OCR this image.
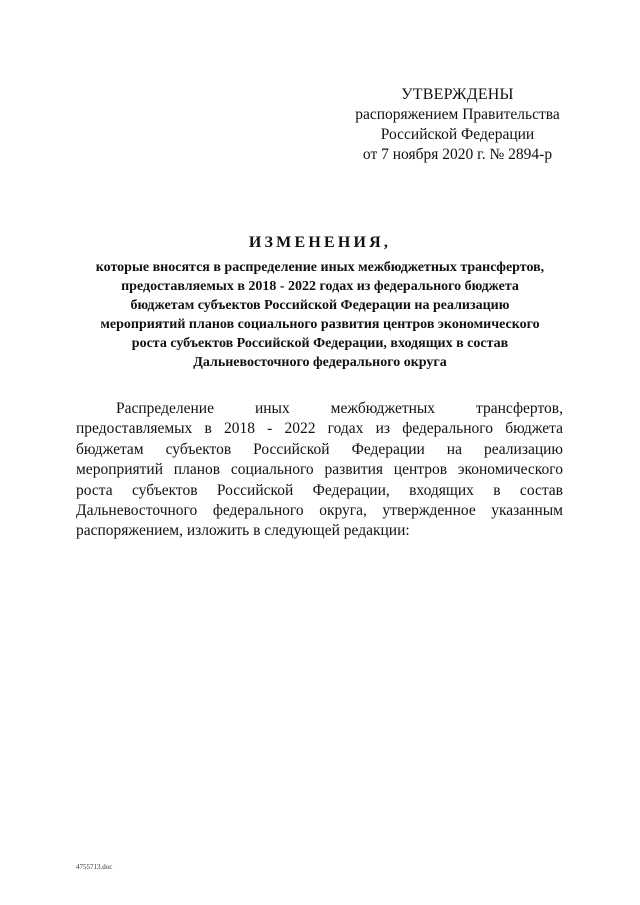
УТВЕРЖДЕНЫ
распоряжением Правительства
Российской Федерации
от 7 ноября 2020 г. № 2894-р
ИЗМЕНЕНИЯ,
которые вносятся в распределение иных межбюджетных трансфертов,
предоставляемых в 2018 - 2022 годах из федерального бюджета
бюджетам субъектов Российской Федерации на реализацию
мероприятий планов социального развития центров экономического
роста субъектов Российской Федерации, входящих в состав
Дальневосточного федерального округа
Распределение иных межбюджетных трансфертов, предоставляемых в 2018 - 2022 годах из федерального бюджета бюджетам субъектов Российской Федерации на реализацию мероприятий планов социального развития центров экономического роста субъектов Российской Федерации, входящих в состав Дальневосточного федерального округа, утвержденное указанным распоряжением, изложить в следующей редакции:
4755713.doc
